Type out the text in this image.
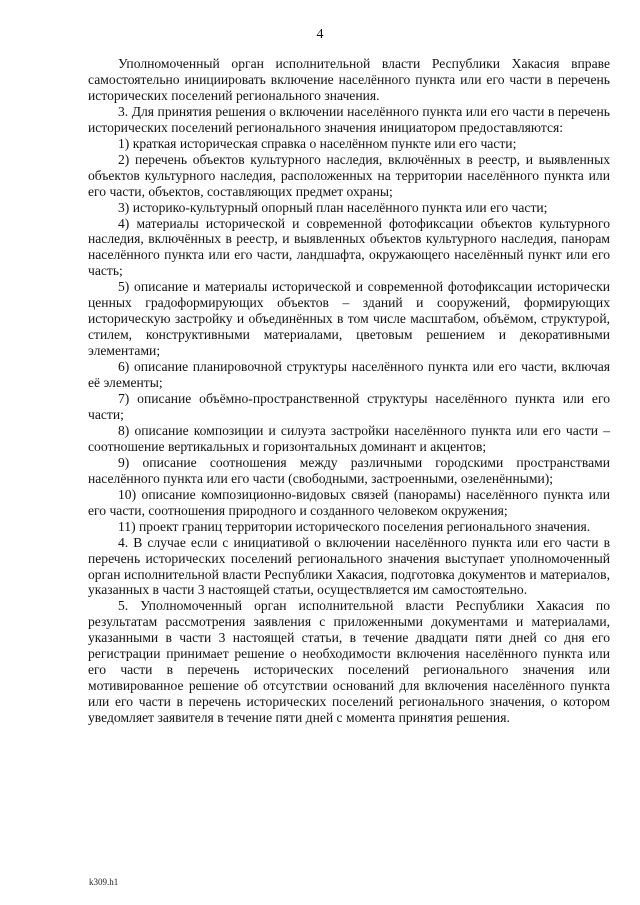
4

Уполномоченный орган исполнительной власти Республики Хакасия вправе самостоятельно инициировать включение населённого пункта или его части в перечень исторических поселений регионального значения.

3. Для принятия решения о включении населённого пункта или его части в перечень исторических поселений регионального значения инициатором предоставляются:

1) краткая историческая справка о населённом пункте или его части;

2) перечень объектов культурного наследия, включённых в реестр, и выявленных объектов культурного наследия, расположенных на территории населённого пункта или его части, объектов, составляющих предмет охраны;

3) историко-культурный опорный план населённого пункта или его части;

4) материалы исторической и современной фотофиксации объектов культурного наследия, включённых в реестр, и выявленных объектов культурного наследия, панорам населённого пункта или его части, ландшафта, окружающего населённый пункт или его часть;

5) описание и материалы исторической и современной фотофиксации исторически ценных градоформирующих объектов – зданий и сооружений, формирующих историческую застройку и объединённых в том числе масштабом, объёмом, структурой, стилем, конструктивными материалами, цветовым решением и декоративными элементами;

6) описание планировочной структуры населённого пункта или его части, включая её элементы;

7) описание объёмно-пространственной структуры населённого пункта или его части;

8) описание композиции и силуэта застройки населённого пункта или его части – соотношение вертикальных и горизонтальных доминант и акцентов;

9) описание соотношения между различными городскими пространствами населённого пункта или его части (свободными, застроенными, озеленёнными);

10) описание композиционно-видовых связей (панорамы) населённого пункта или его части, соотношения природного и созданного человеком окружения;

11) проект границ территории исторического поселения регионального значения.

4. В случае если с инициативой о включении населённого пункта или его части в перечень исторических поселений регионального значения выступает уполномоченный орган исполнительной власти Республики Хакасия, подготовка документов и материалов, указанных в части 3 настоящей статьи, осуществляется им самостоятельно.

5. Уполномоченный орган исполнительной власти Республики Хакасия по результатам рассмотрения заявления с приложенными документами и материалами, указанными в части 3 настоящей статьи, в течение двадцати пяти дней со дня его регистрации принимает решение о необходимости включения населённого пункта или его части в перечень исторических поселений регионального значения или мотивированное решение об отсутствии оснований для включения населённого пункта или его части в перечень исторических поселений регионального значения, о котором уведомляет заявителя в течение пяти дней с момента принятия решения.

k309.h1
